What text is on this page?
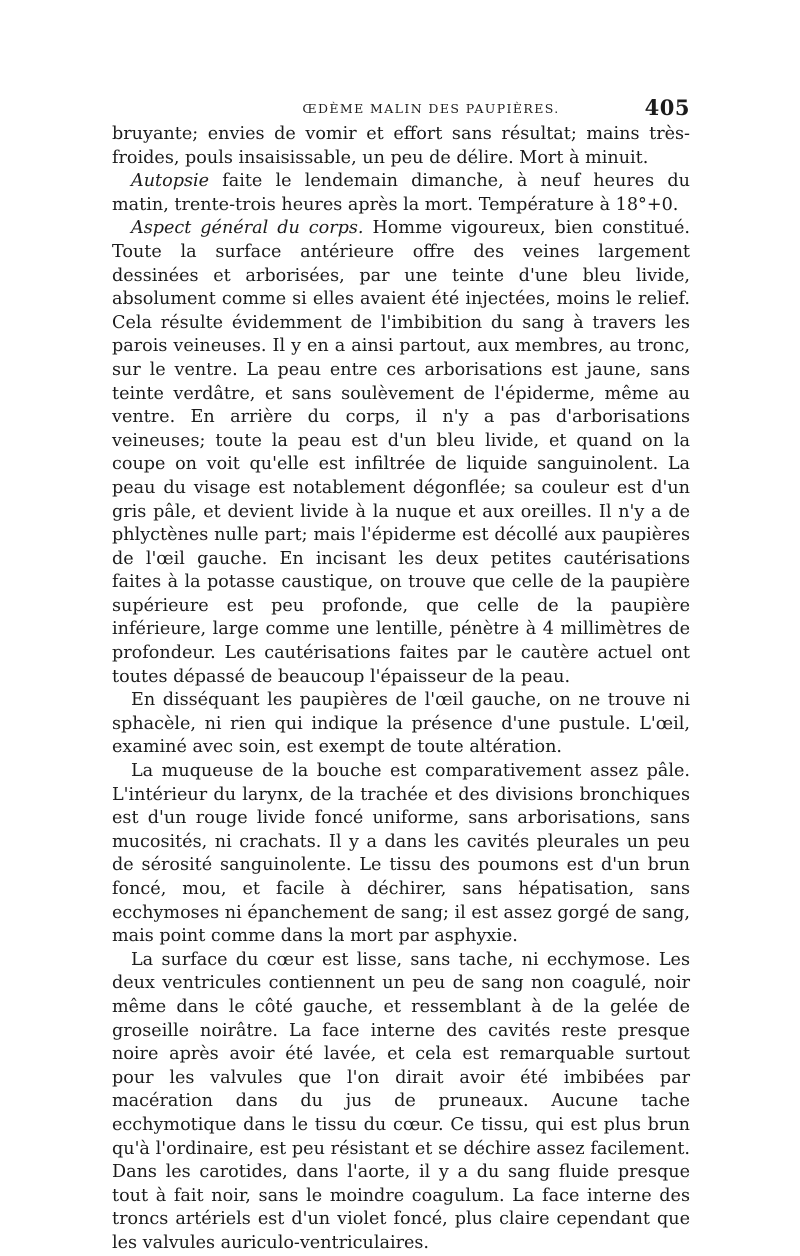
ŒDÈME MALIN DES PAUPIÈRES.	405

bruyante; envies de vomir et effort sans résultat; mains très-froides, pouls insaisissable, un peu de délire. Mort à minuit.

Autopsie faite le lendemain dimanche, à neuf heures du matin, trente-trois heures après la mort. Température à 18°+0.

Aspect général du corps. Homme vigoureux, bien constitué. Toute la surface antérieure offre des veines largement dessinées et arborisées, par une teinte d'une bleu livide, absolument comme si elles avaient été injectées, moins le relief. Cela résulte évidemment de l'imbibition du sang à travers les parois veineuses. Il y en a ainsi partout, aux membres, au tronc, sur le ventre. La peau entre ces arborisations est jaune, sans teinte verdâtre, et sans soulèvement de l'épiderme, même au ventre. En arrière du corps, il n'y a pas d'arborisations veineuses; toute la peau est d'un bleu livide, et quand on la coupe on voit qu'elle est infiltrée de liquide sanguinolent. La peau du visage est notablement dégonflée; sa couleur est d'un gris pâle, et devient livide à la nuque et aux oreilles. Il n'y a de phlyctènes nulle part; mais l'épiderme est décollé aux paupières de l'œil gauche. En incisant les deux petites cautérisations faites à la potasse caustique, on trouve que celle de la paupière supérieure est peu profonde, que celle de la paupière inférieure, large comme une lentille, pénètre à 4 millimètres de profondeur. Les cautérisations faites par le cautère actuel ont toutes dépassé de beaucoup l'épaisseur de la peau.

En disséquant les paupières de l'œil gauche, on ne trouve ni sphacèle, ni rien qui indique la présence d'une pustule. L'œil, examiné avec soin, est exempt de toute altération.

La muqueuse de la bouche est comparativement assez pâle. L'intérieur du larynx, de la trachée et des divisions bronchiques est d'un rouge livide foncé uniforme, sans arborisations, sans mucosités, ni crachats. Il y a dans les cavités pleurales un peu de sérosité sanguinolente. Le tissu des poumons est d'un brun foncé, mou, et facile à déchirer, sans hépatisation, sans ecchymoses ni épanchement de sang; il est assez gorgé de sang, mais point comme dans la mort par asphyxie.

La surface du cœur est lisse, sans tache, ni ecchymose. Les deux ventricules contiennent un peu de sang non coagulé, noir même dans le côté gauche, et ressemblant à de la gelée de groseille noirâtre. La face interne des cavités reste presque noire après avoir été lavée, et cela est remarquable surtout pour les valvules que l'on dirait avoir été imbibées par macération dans du jus de pruneaux. Aucune tache ecchymotique dans le tissu du cœur. Ce tissu, qui est plus brun qu'à l'ordinaire, est peu résistant et se déchire assez facilement. Dans les carotides, dans l'aorte, il y a du sang fluide presque tout à fait noir, sans le moindre coagulum. La face interne des troncs artériels est d'un violet foncé, plus claire cependant que les valvules auriculo-ventriculaires.
